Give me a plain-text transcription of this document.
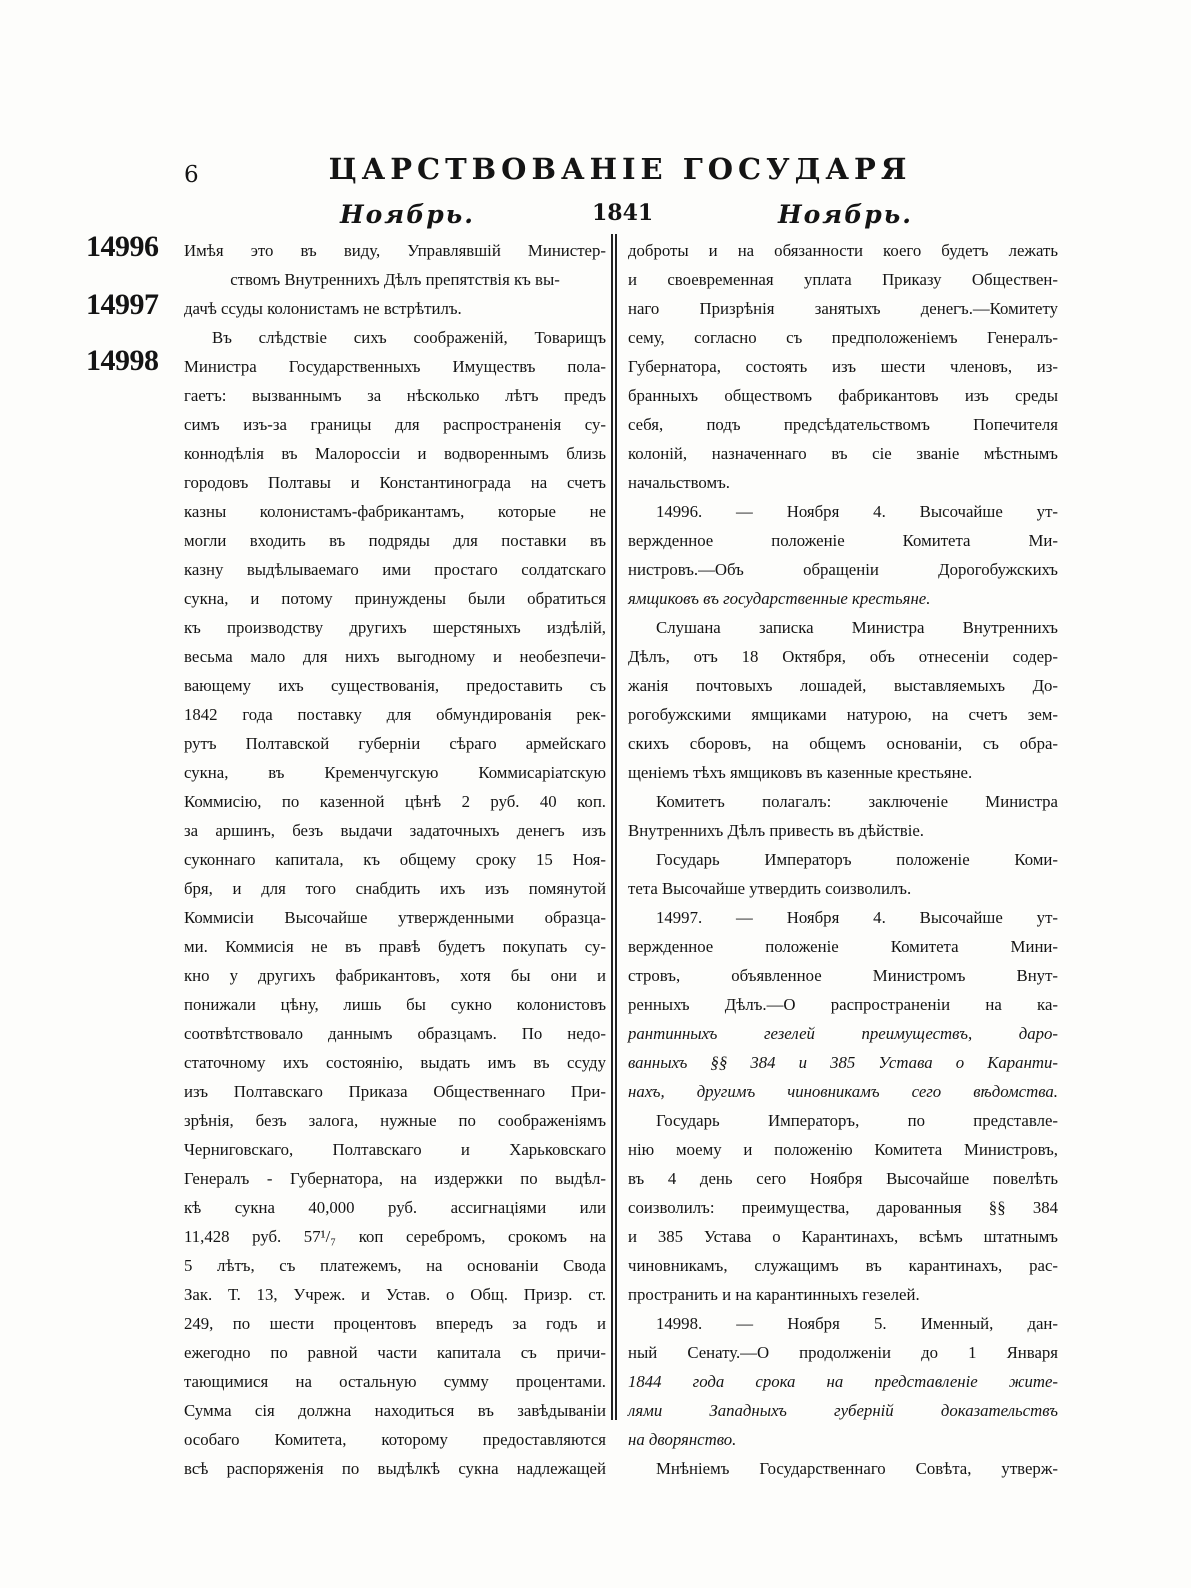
6	ЦАРСТВОВАНІЕ ГОСУДАРЯ
Ноябрь.	1841	Ноябрь.
14996
14997
14998

Имѣя это въ виду, Управлявшій Министер-

ствомъ Внутреннихъ Дѣлъ препятствія къ вы-

дачѣ ссуды колонистамъ не встрѣтилъ.

Въ слѣдствіе сихъ соображеній, Товарищъ

Министра Государственныхъ Имуществъ пола-

гаетъ: вызваннымъ за нѣсколько лѣтъ предъ

симъ изъ-за границы для распространенія су-

коннодѣлія въ Малороссіи и водвореннымъ близь

городовъ Полтавы и Константинограда на счетъ

казны колонистамъ-фабрикантамъ, которые не

могли входить въ подряды для поставки въ

казну выдѣлываемаго ими простаго солдатскаго

сукна, и потому принуждены были обратиться

къ производству другихъ шерстяныхъ издѣлій,

весьма мало для нихъ выгодному и необезпечи-

вающему ихъ существованія, предоставить съ

1842 года поставку для обмундированія рек-

рутъ Полтавской губерніи сѣраго армейскаго

сукна, въ Кременчугскую Коммисаріатскую

Коммисію, по казенной цѣнѣ 2 руб. 40 коп.

за аршинъ, безъ выдачи задаточныхъ денегъ изъ

суконнаго капитала, къ общему сроку 15 Ноя-

бря, и для того снабдить ихъ изъ помянутой

Коммисіи Высочайше утвержденными образца-

ми. Коммисія не въ правѣ будетъ покупать су-

кно у другихъ фабрикантовъ, хотя бы они и

понижали цѣну, лишь бы сукно колонистовъ

соотвѣтствовало даннымъ образцамъ. По недо-

статочному ихъ состоянію, выдать имъ въ ссуду

изъ Полтавскаго Приказа Общественнаго При-

зрѣнія, безъ залога, нужные по соображеніямъ

Черниговскаго, Полтавскаго и Харьковскаго

Генералъ - Губернатора, на издержки по выдѣл-

кѣ сукна 40,000 руб. ассигнаціями или

11,428 руб. 57¹/₇ коп серебромъ, срокомъ на

5 лѣтъ, съ платежемъ, на основаніи Свода

Зак. Т. 13, Учреж. и Устав. о Общ. Призр. ст.

249, по шести процентовъ впередъ за годъ и

ежегодно по равной части капитала съ причи-

тающимися на остальную сумму процентами.

Сумма сія должна находиться въ завѣдываніи

особаго Комитета, которому предоставляются

всѣ распоряженія по выдѣлкѣ сукна надлежащей

доброты и на обязанности коего будетъ лежать

и своевременная уплата Приказу Обществен-

наго Призрѣнія занятыхъ денегъ.—Комитету

сему, согласно съ предположеніемъ Генералъ-

Губернатора, состоять изъ шести членовъ, из-

бранныхъ обществомъ фабрикантовъ изъ среды

себя, подъ предсѣдательствомъ Попечителя

колоній, назначеннаго въ сіе званіе мѣстнымъ

начальствомъ.

14996. — Ноября 4. Высочайше ут-

вержденное положеніе Комитета Ми-

нистровъ.—Объ обращеніи Дорогобужскихъ

ямщиковъ въ государственные крестьяне.

Слушана записка Министра Внутреннихъ

Дѣлъ, отъ 18 Октября, объ отнесеніи содер-

жанія почтовыхъ лошадей, выставляемыхъ До-

рогобужскими ямщиками натурою, на счетъ зем-

скихъ сборовъ, на общемъ основаніи, съ обра-

щеніемъ тѣхъ ямщиковъ въ казенные крестьяне.

Комитетъ полагалъ: заключеніе Министра

Внутреннихъ Дѣлъ привесть въ дѣйствіе.

Государь Императоръ положеніе Коми-

тета Высочайше утвердить соизволилъ.

14997. — Ноября 4. Высочайше ут-

вержденное положеніе Комитета Мини-

стровъ, объявленное Министромъ Внут-

ренныхъ Дѣлъ.—О распространеніи на ка-

рантинныхъ гезелей преимуществъ, даро-

ванныхъ §§ 384 и 385 Устава о Каранти-

нахъ, другимъ чиновникамъ сего вѣдомства.

Государь Императоръ, по представле-

нію моему и положенію Комитета Министровъ,

въ 4 день сего Ноября Высочайше повелѣть

соизволилъ: преимущества, дарованныя §§ 384

и 385 Устава о Карантинахъ, всѣмъ штатнымъ

чиновникамъ, служащимъ въ карантинахъ, рас-

пространить и на карантинныхъ гезелей.

14998. — Ноября 5. Именный, дан-

ный Сенату.—О продолженіи до 1 Января

1844 года срока на представленіе жите-

лями Западныхъ губерній доказательствъ

на дворянство.

Мнѣніемъ Государственнаго Совѣта, утверж-
